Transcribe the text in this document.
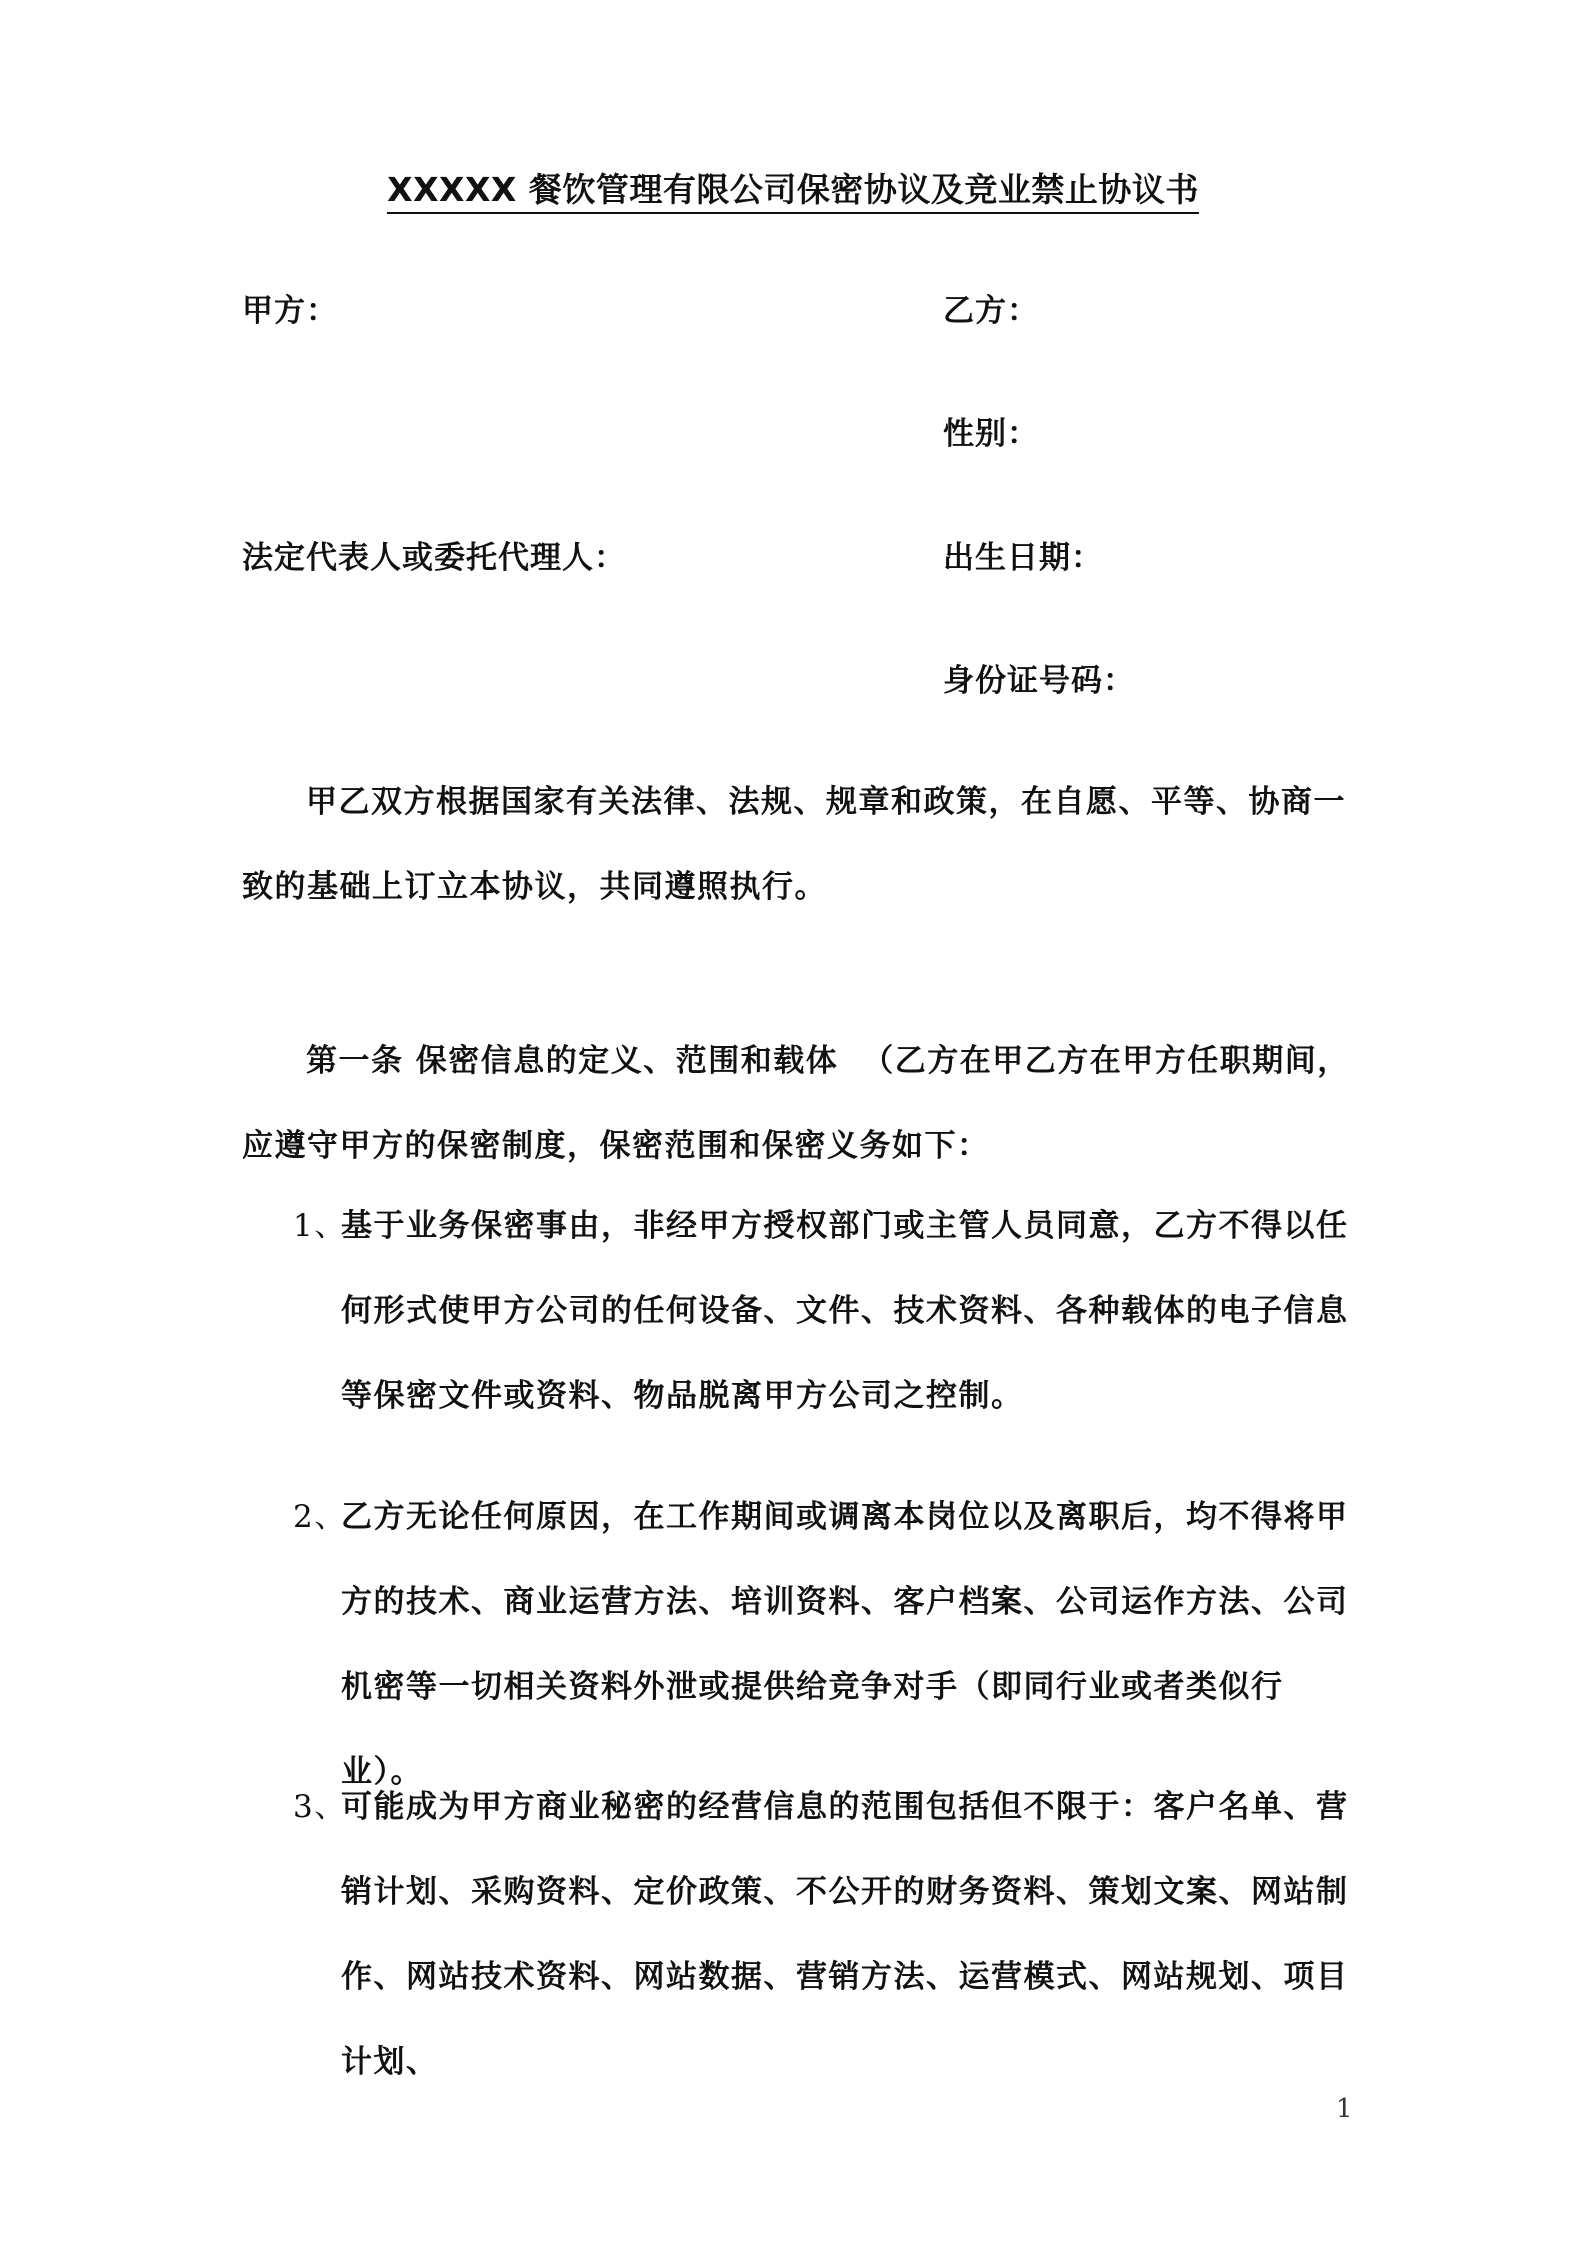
XXXXX 餐饮管理有限公司保密协议及竞业禁止协议书
甲方：	乙方：
性别：
法定代表人或委托代理人：	出生日期：
身份证号码：
甲乙双方根据国家有关法律、法规、规章和政策，在自愿、平等、协商一致的基础上订立本协议，共同遵照执行。
第一条 保密信息的定义、范围和载体 （乙方在甲乙方在甲方任职期间，应遵守甲方的保密制度，保密范围和保密义务如下：
1、
基于业务保密事由，非经甲方授权部门或主管人员同意，乙方不得以任何形式使甲方公司的任何设备、文件、技术资料、各种载体的电子信息等保密文件或资料、物品脱离甲方公司之控制。
2、
乙方无论任何原因，在工作期间或调离本岗位以及离职后，均不得将甲方的技术、商业运营方法、培训资料、客户档案、公司运作方法、公司机密等一切相关资料外泄或提供给竞争对手（即同行业或者类似行业）。
3、
可能成为甲方商业秘密的经营信息的范围包括但不限于：客户名单、营销计划、采购资料、定价政策、不公开的财务资料、策划文案、网站制作、网站技术资料、网站数据、营销方法、运营模式、网站规划、项目计划、
1
